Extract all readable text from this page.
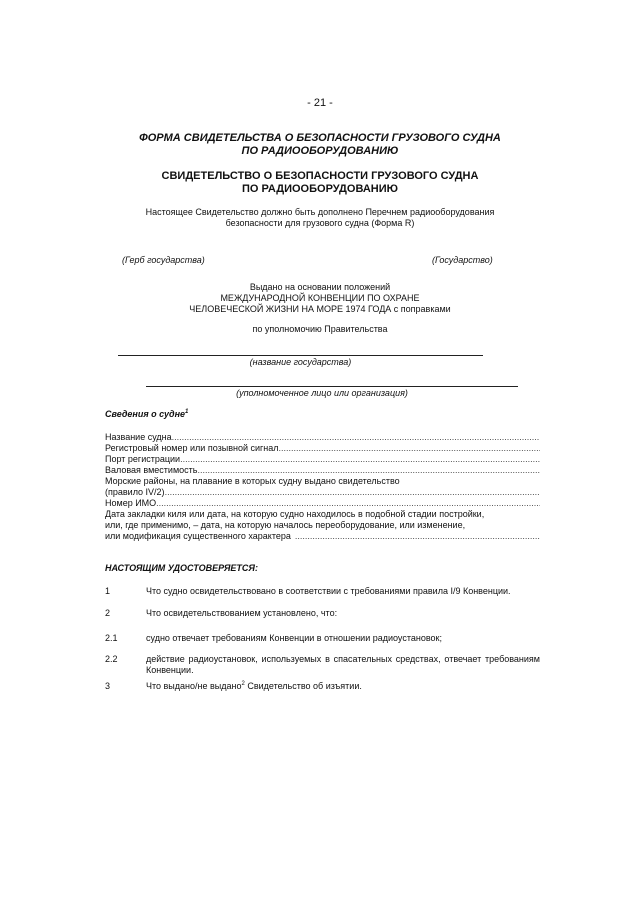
- 21 -
ФОРМА СВИДЕТЕЛЬСТВА О БЕЗОПАСНОСТИ ГРУЗОВОГО СУДНА
ПО РАДИООБОРУДОВАНИЮ
СВИДЕТЕЛЬСТВО О БЕЗОПАСНОСТИ ГРУЗОВОГО СУДНА
ПО РАДИООБОРУДОВАНИЮ
Настоящее Свидетельство должно быть дополнено Перечнем радиооборудования
безопасности для грузового судна (Форма R)
(Герб государства)	(Государство)
Выдано на основании положений
МЕЖДУНАРОДНОЙ КОНВЕНЦИИ ПО ОХРАНЕ
ЧЕЛОВЕЧЕСКОЙ ЖИЗНИ НА МОРЕ 1974 ГОДА с поправками
по уполномочию Правительства
(название государства)
(уполномоченное лицо или организация)
Сведения о судне$^1$
Название судна
.....
Регистровый номер или позывной сигнал
.....
Порт регистрации
.....
Валовая вместимость
.....
Морские районы, на плавание в которых судну выдано свидетельство
(правило IV/2)
.....
Номер ИМО
.....
Дата закладки киля или дата, на которую судно находилось в подобной стадии постройки,
или, где применимо, – дата, на которую началось переоборудование, или изменение,
или модификация существенного характера
.....
НАСТОЯЩИМ УДОСТОВЕРЯЕТСЯ:
1	Что судно освидетельствовано в соответствии с требованиями правила I/9 Конвенции.
2	Что освидетельствованием установлено, что:
2.1	судно отвечает требованиям Конвенции в отношении радиоустановок;
2.2	действие радиоустановок, используемых в спасательных средствах, отвечает требованиям Конвенции.
3	Что выдано/не выдано$^2$ Свидетельство об изъятии.
